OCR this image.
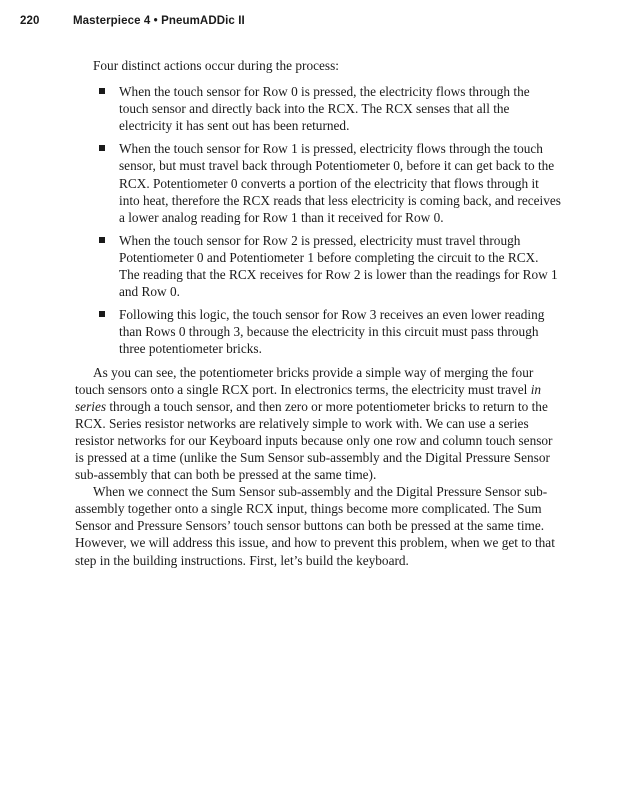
220	Masterpiece 4 • PneumADDic II

Four distinct actions occur during the process:

When the touch sensor for Row 0 is pressed, the electricity flows through the touch sensor and directly back into the RCX. The RCX senses that all the electricity it has sent out has been returned.
When the touch sensor for Row 1 is pressed, electricity flows through the touch sensor, but must travel back through Potentiometer 0, before it can get back to the RCX. Potentiometer 0 converts a portion of the electricity that flows through it into heat, therefore the RCX reads that less electricity is coming back, and receives a lower analog reading for Row 1 than it received for Row 0.
When the touch sensor for Row 2 is pressed, electricity must travel through Potentiometer 0 and Potentiometer 1 before completing the circuit to the RCX. The reading that the RCX receives for Row 2 is lower than the readings for Row 1 and Row 0.
Following this logic, the touch sensor for Row 3 receives an even lower reading than Rows 0 through 3, because the electricity in this circuit must pass through three potentiometer bricks.

As you can see, the potentiometer bricks provide a simple way of merging the four touch sensors onto a single RCX port. In electronics terms, the electricity must travel in series through a touch sensor, and then zero or more potentiometer bricks to return to the RCX. Series resistor networks are relatively simple to work with. We can use a series resistor networks for our Keyboard inputs because only one row and column touch sensor is pressed at a time (unlike the Sum Sensor sub-assembly and the Digital Pressure Sensor sub-assembly that can both be pressed at the same time).

When we connect the Sum Sensor sub-assembly and the Digital Pressure Sensor sub-assembly together onto a single RCX input, things become more complicated. The Sum Sensor and Pressure Sensors’ touch sensor buttons can both be pressed at the same time. However, we will address this issue, and how to prevent this problem, when we get to that step in the building instructions. First, let’s build the keyboard.
